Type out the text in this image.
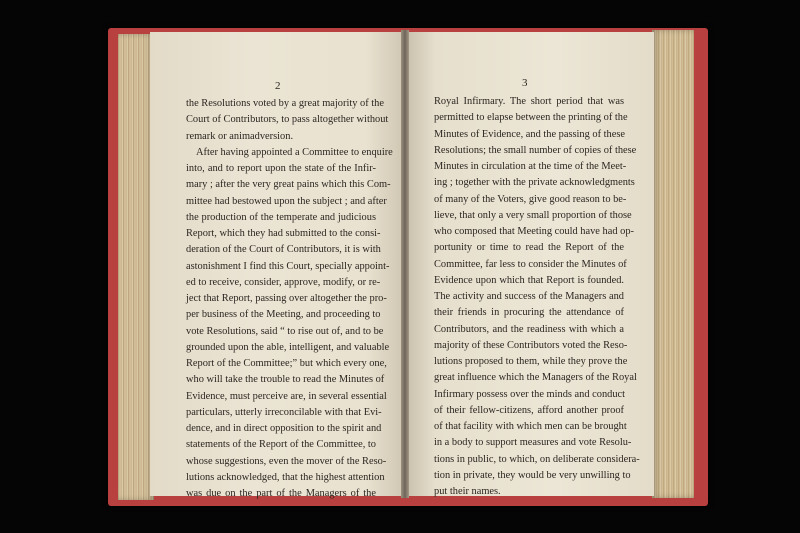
2	3
the Resolutions voted by a great majority of the
Court of Contributors, to pass altogether without
remark or animadversion.
After having appointed a Committee to enquire
into, and to report upon the state of the Infir-
mary ; after the very great pains which this Com-
mittee had bestowed upon the subject ; and after
the production of the temperate and judicious
Report, which they had submitted to the consi-
deration of the Court of Contributors, it is with
astonishment I find this Court, specially appoint-
ed to receive, consider, approve, modify, or re-
ject that Report, passing over altogether the pro-
per business of the Meeting, and proceeding to
vote Resolutions, said “ to rise out of, and to be
grounded upon the able, intelligent, and valuable
Report of the Committee;” but which every one,
who will take the trouble to read the Minutes of
Evidence, must perceive are, in several essential
particulars, utterly irreconcilable with that Evi-
dence, and in direct opposition to the spirit and
statements of the Report of the Committee, to
whose suggestions, even the mover of the Reso-
lutions acknowledged, that the highest attention
was due on the part of the Managers of the
Royal Infirmary. The short period that was
permitted to elapse between the printing of the
Minutes of Evidence, and the passing of these
Resolutions; the small number of copies of these
Minutes in circulation at the time of the Meet-
ing ; together with the private acknowledgments
of many of the Voters, give good reason to be-
lieve, that only a very small proportion of those
who composed that Meeting could have had op-
portunity or time to read the Report of the
Committee, far less to consider the Minutes of
Evidence upon which that Report is founded.
The activity and success of the Managers and
their friends in procuring the attendance of
Contributors, and the readiness with which a
majority of these Contributors voted the Reso-
lutions proposed to them, while they prove the
great influence which the Managers of the Royal
Infirmary possess over the minds and conduct
of their fellow-citizens, afford another proof
of that facility with which men can be brought
in a body to support measures and vote Resolu-
tions in public, to which, on deliberate considera-
tion in private, they would be very unwilling to
put their names.
